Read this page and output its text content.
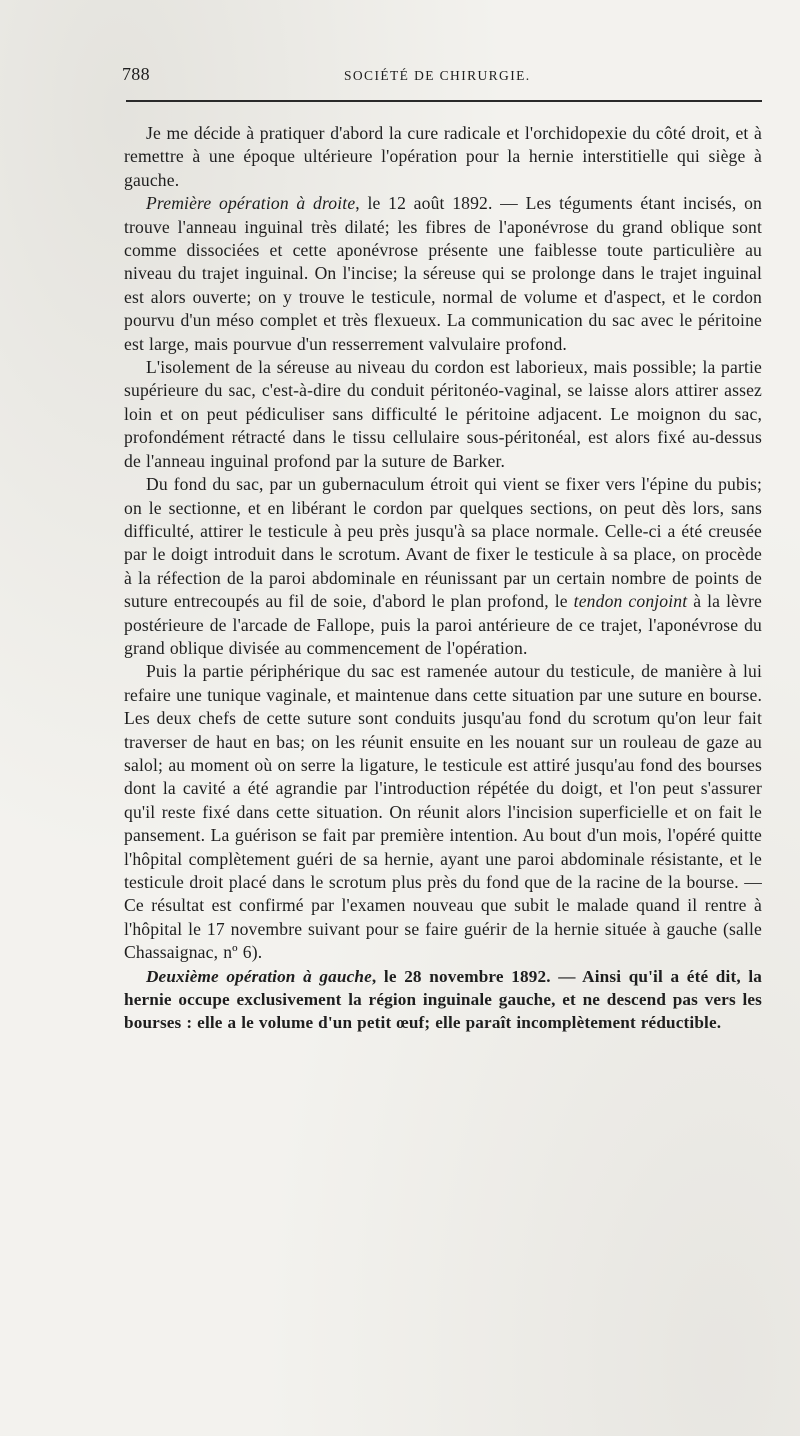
788	SOCIÉTÉ DE CHIRURGIE.

Je me décide à pratiquer d'abord la cure radicale et l'orchidopexie du côté droit, et à remettre à une époque ultérieure l'opération pour la hernie interstitielle qui siège à gauche.

Première opération à droite, le 12 août 1892. — Les téguments étant incisés, on trouve l'anneau inguinal très dilaté; les fibres de l'aponévrose du grand oblique sont comme dissociées et cette aponévrose présente une faiblesse toute particulière au niveau du trajet inguinal. On l'incise; la séreuse qui se prolonge dans le trajet inguinal est alors ouverte; on y trouve le testicule, normal de volume et d'aspect, et le cordon pourvu d'un méso complet et très flexueux. La communication du sac avec le péritoine est large, mais pourvue d'un resserrement valvulaire profond.

L'isolement de la séreuse au niveau du cordon est laborieux, mais possible; la partie supérieure du sac, c'est-à-dire du conduit péritonéo-vaginal, se laisse alors attirer assez loin et on peut pédiculiser sans difficulté le péritoine adjacent. Le moignon du sac, profondément rétracté dans le tissu cellulaire sous-péritonéal, est alors fixé au-dessus de l'anneau inguinal profond par la suture de Barker.

Du fond du sac, par un gubernaculum étroit qui vient se fixer vers l'épine du pubis; on le sectionne, et en libérant le cordon par quelques sections, on peut dès lors, sans difficulté, attirer le testicule à peu près jusqu'à sa place normale. Celle-ci a été creusée par le doigt introduit dans le scrotum. Avant de fixer le testicule à sa place, on procède à la réfection de la paroi abdominale en réunissant par un certain nombre de points de suture entrecoupés au fil de soie, d'abord le plan profond, le tendon conjoint à la lèvre postérieure de l'arcade de Fallope, puis la paroi antérieure de ce trajet, l'aponévrose du grand oblique divisée au commencement de l'opération.

Puis la partie périphérique du sac est ramenée autour du testicule, de manière à lui refaire une tunique vaginale, et maintenue dans cette situation par une suture en bourse. Les deux chefs de cette suture sont conduits jusqu'au fond du scrotum qu'on leur fait traverser de haut en bas; on les réunit ensuite en les nouant sur un rouleau de gaze au salol; au moment où on serre la ligature, le testicule est attiré jusqu'au fond des bourses dont la cavité a été agrandie par l'introduction répétée du doigt, et l'on peut s'assurer qu'il reste fixé dans cette situation. On réunit alors l'incision superficielle et on fait le pansement. La guérison se fait par première intention. Au bout d'un mois, l'opéré quitte l'hôpital complètement guéri de sa hernie, ayant une paroi abdominale résistante, et le testicule droit placé dans le scrotum plus près du fond que de la racine de la bourse. — Ce résultat est confirmé par l'examen nouveau que subit le malade quand il rentre à l'hôpital le 17 novembre suivant pour se faire guérir de la hernie située à gauche (salle Chassaignac, nº 6).

Deuxième opération à gauche, le 28 novembre 1892. — Ainsi qu'il a été dit, la hernie occupe exclusivement la région inguinale gauche, et ne descend pas vers les bourses : elle a le volume d'un petit œuf; elle paraît incomplètement réductible.
